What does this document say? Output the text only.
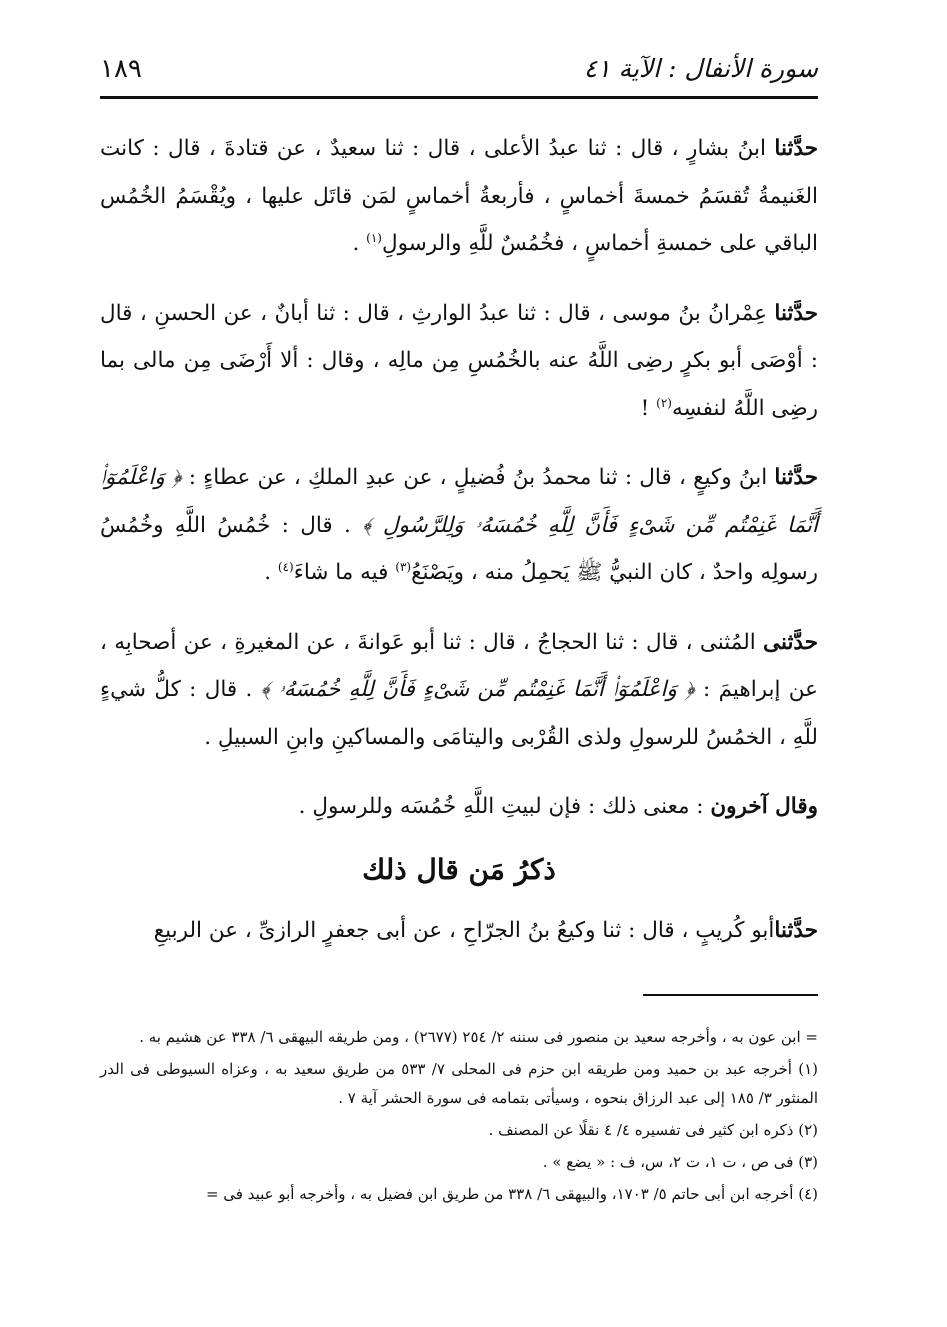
١٨٩	سورة الأنفال : الآية ٤١

حدَّثنا ابنُ بشارٍ ، قال : ثنا عبدُ الأعلى ، قال : ثنا سعيدٌ ، عن قتادةَ ، قال : كانت الغَنيمةُ تُقسَمُ خمسةَ أخماسٍ ، فأربعةُ أخماسٍ لمَن قاتَل عليها ، ويُقْسَمُ الخُمُس الباقي على خمسةِ أخماسٍ ، فخُمُسٌ للَّهِ والرسولِ$^{(١)}$ .

حدَّثنا عِمْرانُ بنُ موسى ، قال : ثنا عبدُ الوارثِ ، قال : ثنا أبانٌ ، عن الحسنِ ، قال : أوْصَى أبو بكرٍ رضِى اللَّهُ عنه بالخُمُسِ مِن مالِه ، وقال : ألا أَرْضَى مِن مالى بما رضِى اللَّهُ لنفسِه$^{(٢)}$ !

حدَّثنا ابنُ وكيعٍ ، قال : ثنا محمدُ بنُ فُضيلٍ ، عن عبدِ الملكِ ، عن عطاءٍ : ﴿ وَاعْلَمُوٓا۟ أَنَّمَا غَنِمْتُم مِّن شَىْءٍ فَأَنَّ لِلَّهِ خُمُسَهُۥ وَلِلرَّسُولِ ﴾ . قال : خُمُسُ اللَّهِ وخُمُسُ رسولِه واحدٌ ، كان النبيُّ ﷺ يَحمِلُ منه ، ويَصْنَعُ$^{(٣)}$ فيه ما شاءَ$^{(٤)}$ .

حدَّثنى المُثنى ، قال : ثنا الحجاجُ ، قال : ثنا أبو عَوانةَ ، عن المغيرةِ ، عن أصحابِه ، عن إبراهيمَ : ﴿ وَاعْلَمُوٓا۟ أَنَّمَا غَنِمْتُم مِّن شَىْءٍ فَأَنَّ لِلَّهِ خُمُسَهُۥ ﴾ . قال : كلُّ شيءٍ للَّهِ ، الخمُسُ للرسولِ ولذى القُرْبى واليتامَى والمساكينِ وابنِ السبيلِ .

وقال آخرون : معنى ذلك : فإن لبيتِ اللَّهِ خُمُسَه وللرسولِ .

ذكرُ مَن قال ذلك

حدَّثناأبو كُريبٍ ، قال : ثنا وكيعُ بنُ الجرّاحِ ، عن أبى جعفرٍ الرازىِّ ، عن الربيعِ

= ابن عون به ، وأخرجه سعيد بن منصور فى سننه ٢/ ٢٥٤ (٢٦٧٧) ، ومن طريقه البيهقى ٦/ ٣٣٨ عن هشيم به .

(١) أخرجه عبد بن حميد ومن طريقه ابن حزم فى المحلى ٧/ ٥٣٣ من طريق سعيد به ، وعزاه السيوطى فى الدر المنثور ٣/ ١٨٥ إلى عبد الرزاق بنحوه ، وسيأتى بتمامه فى سورة الحشر آية ٧ .

(٢) ذكره ابن كثير فى تفسيره ٤/ ٤ نقلًا عن المصنف .

(٣) فى ص ، ت ١، ت ٢، س، ف : « يضع » .

(٤) أخرجه ابن أبى حاتم ٥/ ١٧٠٣، والبيهقى ٦/ ٣٣٨ من طريق ابن فضيل به ، وأخرجه أبو عبيد فى =
